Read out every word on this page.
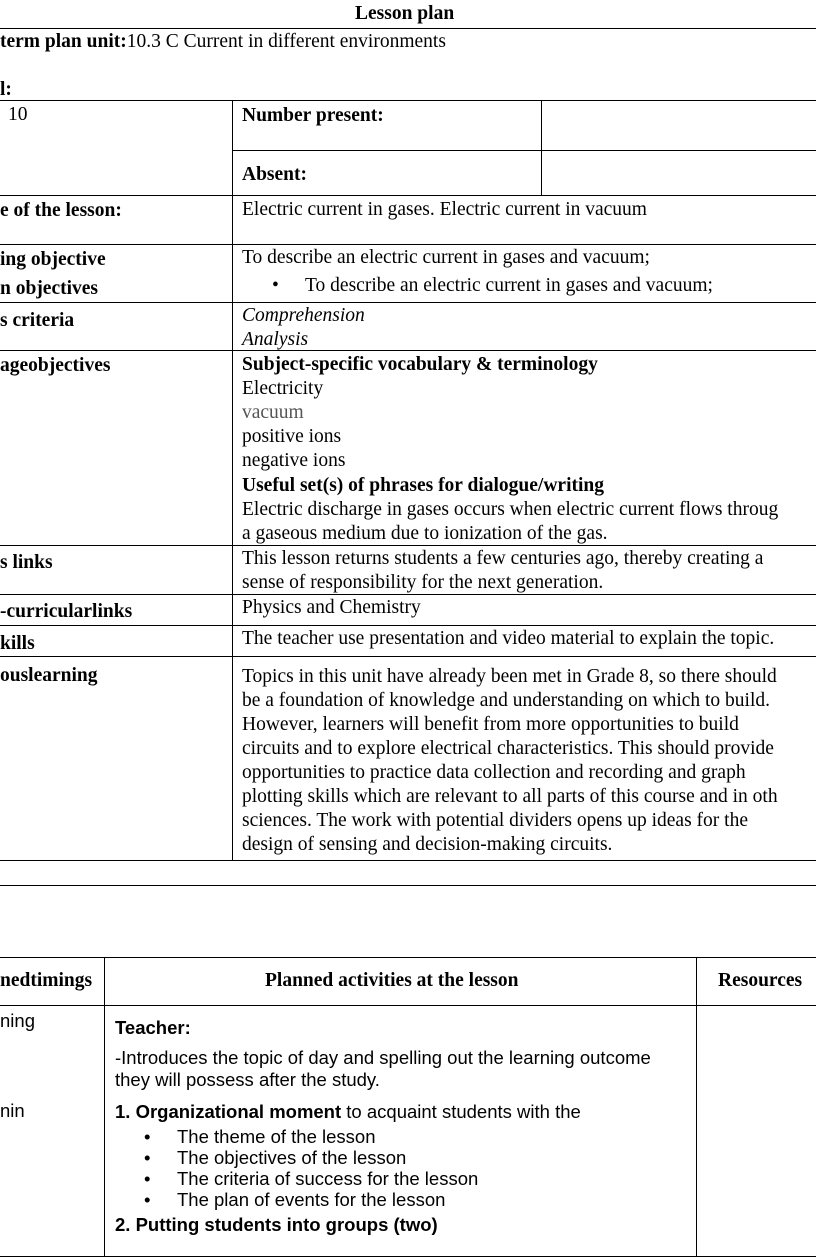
Lesson plan
term plan unit:10.3 C Current in different environments
l:
10	Number present:
Absent:
e of the lesson:	Electric current in gases. Electric current in vacuum
ing objective	To describe an electric current in gases and vacuum;
n objectives
•	To describe an electric current in gases and vacuum;
s criteria	Comprehension
Analysis
ageobjectives	Subject-specific vocabulary & terminology
Electricity
vacuum
positive ions
negative ions
Useful set(s) of phrases for dialogue/writing
Electric discharge in gases occurs when electric current flows throug
a gaseous medium due to ionization of the gas.
s links	This lesson returns students a few centuries ago, thereby creating a
sense of responsibility for the next generation.
-curricularlinks	Physics and Chemistry
kills	The teacher use presentation and video material to explain the topic.
ouslearning	Topics in this unit have already been met in Grade 8, so there should
be a foundation of knowledge and understanding on which to build.
However, learners will benefit from more opportunities to build
circuits and to explore electrical characteristics. This should provide
opportunities to practice data collection and recording and graph
plotting skills which are relevant to all parts of this course and in oth
sciences. The work with potential dividers opens up ideas for the
design of sensing and decision-making circuits.
nedtimings	Planned activities at the lesson	Resources
ning
nin
Teacher:
-Introduces the topic of day and spelling out the learning outcome
they will possess after the study.
1. Organizational moment to acquaint students with the
• The theme of the lesson
• The objectives of the lesson
• The criteria of success for the lesson
• The plan of events for the lesson
2. Putting students into groups (two)
